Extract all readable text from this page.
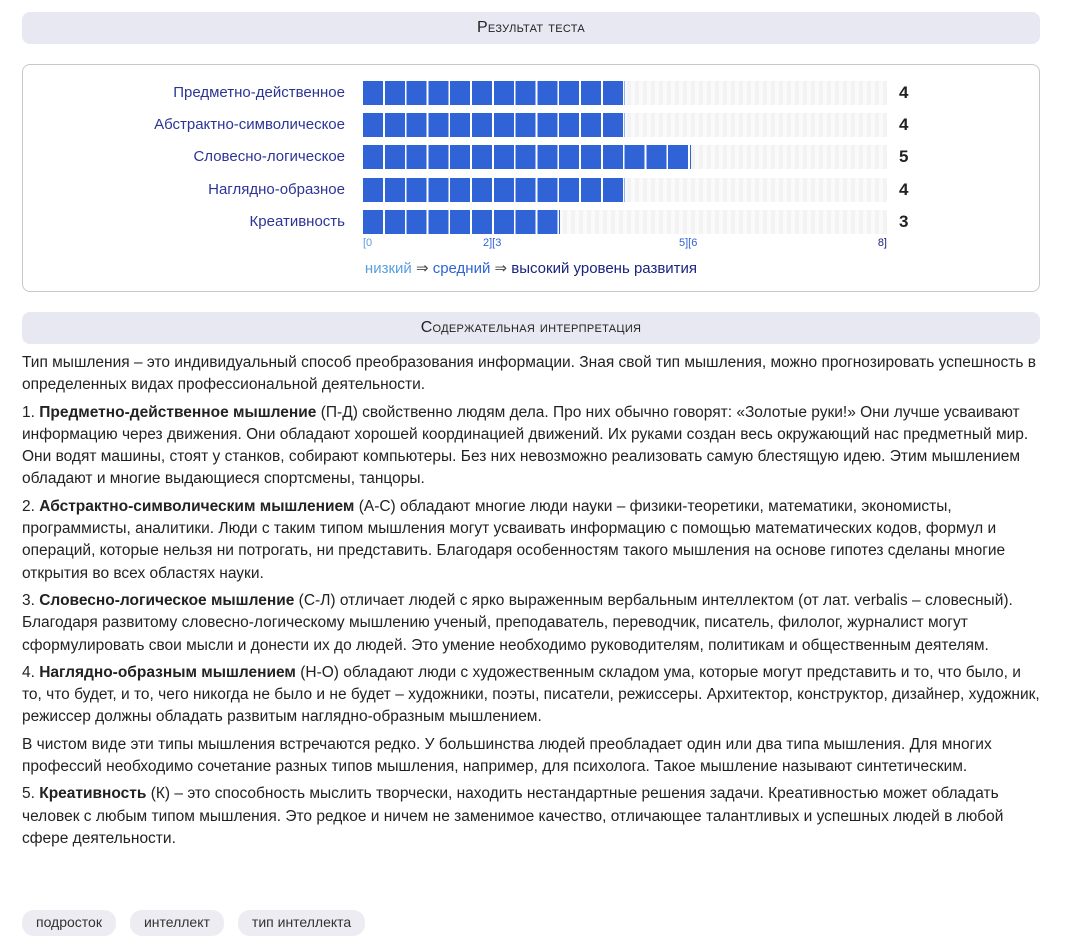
Результат теста
Предметно-действенное	4
Абстрактно-символическое	4
Словесно-логическое	5
Наглядно-образное	4
Креативность	3
[0	2][3	5][6	8]
низкий ⇒ средний ⇒ высокий уровень развития
Содержательная интерпретация

Тип мышления – это индивидуальный способ преобразования информации. Зная свой тип мышления, можно прогнозировать успешность в определенных видах профессиональной деятельности.

1. Предметно-действенное мышление (П-Д) свойственно людям дела. Про них обычно говорят: «Золотые руки!» Они лучше усваивают информацию через движения. Они обладают хорошей координацией движений. Их руками создан весь окружающий нас предметный мир. Они водят машины, стоят у станков, собирают компьютеры. Без них невозможно реализовать самую блестящую идею. Этим мышлением обладают и многие выдающиеся спортсмены, танцоры.

2. Абстрактно-символическим мышлением (А-С) обладают многие люди науки – физики-теоретики, математики, экономисты, программисты, аналитики. Люди с таким типом мышления могут усваивать информацию с помощью математических кодов, формул и операций, которые нельзя ни потрогать, ни представить. Благодаря особенностям такого мышления на основе гипотез сделаны многие открытия во всех областях науки.

3. Словесно-логическое мышление (С-Л) отличает людей с ярко выраженным вербальным интеллектом (от лат. verbalis – словесный). Благодаря развитому словесно-логическому мышлению ученый, преподаватель, переводчик, писатель, филолог, журналист могут сформулировать свои мысли и донести их до людей. Это умение необходимо руководителям, политикам и общественным деятелям.

4. Наглядно-образным мышлением (Н-О) обладают люди с художественным складом ума, которые могут представить и то, что было, и то, что будет, и то, чего никогда не было и не будет – художники, поэты, писатели, режиссеры. Архитектор, конструктор, дизайнер, художник, режиссер должны обладать развитым наглядно-образным мышлением.

В чистом виде эти типы мышления встречаются редко. У большинства людей преобладает один или два типа мышления. Для многих профессий необходимо сочетание разных типов мышления, например, для психолога. Такое мышление называют синтетическим.

5. Креативность (К) – это способность мыслить творчески, находить нестандартные решения задачи. Креативностью может обладать человек с любым типом мышления. Это редкое и ничем не заменимое качество, отличающее талантливых и успешных людей в любой сфере деятельности.

подросток	интеллект	тип интеллекта
